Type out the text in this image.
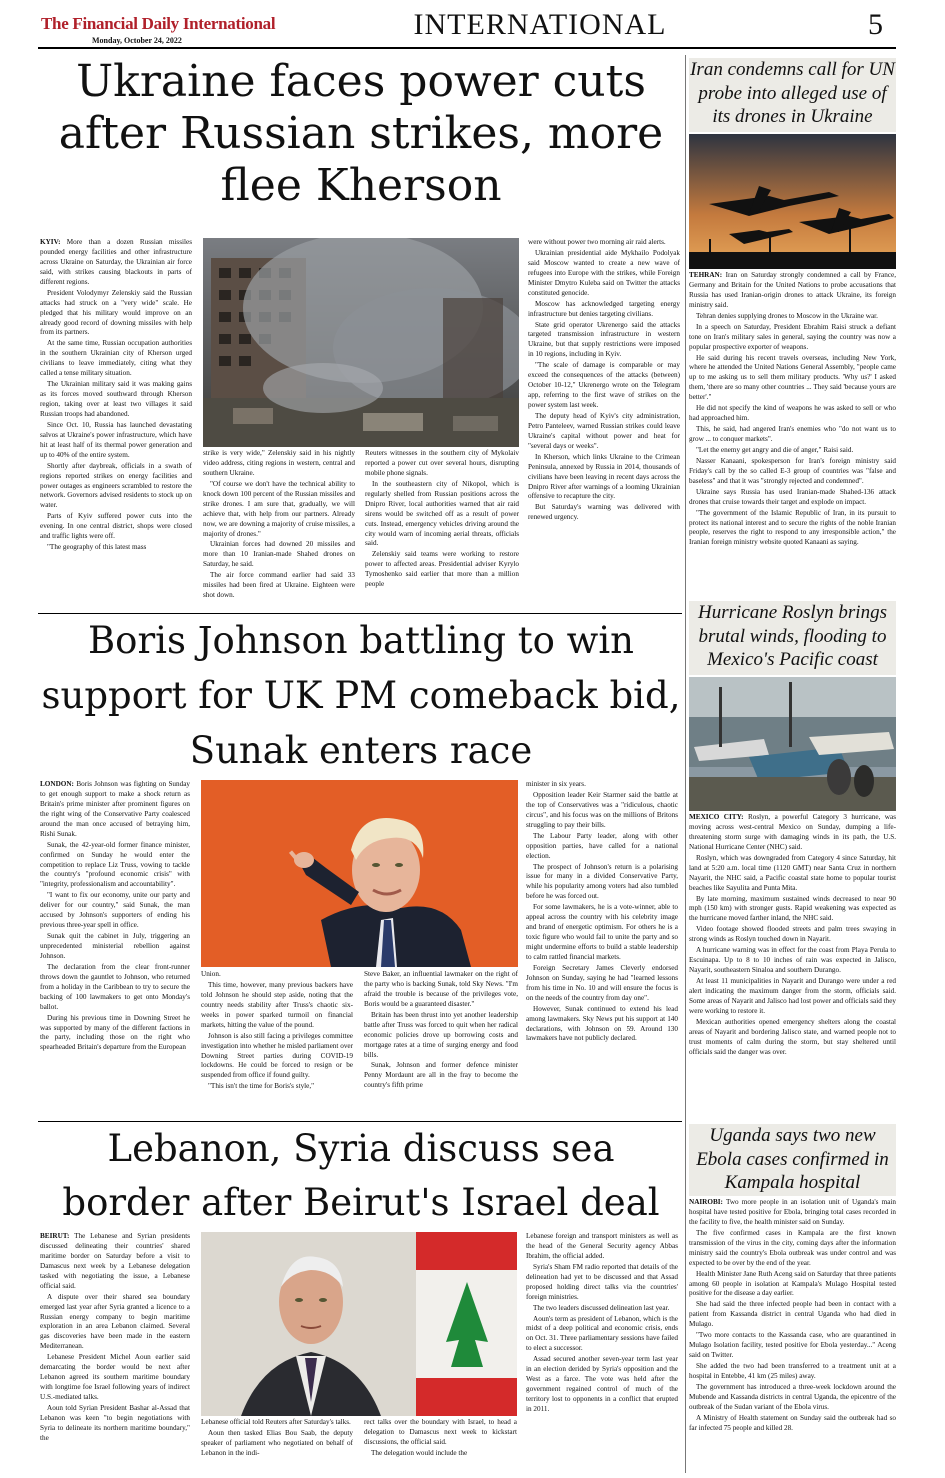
The Financial Daily International
Monday, October 24, 2022	INTERNATIONAL	5
Ukraine faces power cuts after Russian strikes, more flee Kherson

KYIV: More than a dozen Russian missiles pounded energy facilities and other infrastructure across Ukraine on Saturday, the Ukrainian air force said, with strikes causing blackouts in parts of different regions.

President Volodymyr Zelenskiy said the Russian attacks had struck on a "very wide" scale. He pledged that his military would improve on an already good record of downing missiles with help from its partners.

At the same time, Russian occupation authorities in the southern Ukrainian city of Kherson urged civilians to leave immediately, citing what they called a tense military situation.

The Ukrainian military said it was making gains as its forces moved southward through Kherson region, taking over at least two villages it said Russian troops had abandoned.

Since Oct. 10, Russia has launched devastating salvos at Ukraine's power infrastructure, which have hit at least half of its thermal power generation and up to 40% of the entire system.

Shortly after daybreak, officials in a swath of regions reported strikes on energy facilities and power outages as engineers scrambled to restore the network. Governors advised residents to stock up on water.

Parts of Kyiv suffered power cuts into the evening. In one central district, shops were closed and traffic lights were off.

"The geography of this latest mass

strike is very wide," Zelenskiy said in his nightly video address, citing regions in western, central and southern Ukraine.

"Of course we don't have the technical ability to knock down 100 percent of the Russian missiles and strike drones. I am sure that, gradually, we will achieve that, with help from our partners. Already now, we are downing a majority of cruise missiles, a majority of drones."

Ukrainian forces had downed 20 missiles and more than 10 Iranian-made Shahed drones on Saturday, he said.

The air force command earlier had said 33 missiles had been fired at Ukraine. Eighteen were shot down.

Reuters witnesses in the southern city of Mykolaiv reported a power cut over several hours, disrupting mobile phone signals.

In the southeastern city of Nikopol, which is regularly shelled from Russian positions across the Dnipro River, local authorities warned that air raid sirens would be switched off as a result of power cuts. Instead, emergency vehicles driving around the city would warn of incoming aerial threats, officials said.

Zelenskiy said teams were working to restore power to affected areas. Presidential adviser Kyrylo Tymoshenko said earlier that more than a million people

were without power two morning air raid alerts.

Ukrainian presidential aide Mykhailo Podolyak said Moscow wanted to create a new wave of refugees into Europe with the strikes, while Foreign Minister Dmytro Kuleba said on Twitter the attacks constituted genocide.

Moscow has acknowledged targeting energy infrastructure but denies targeting civilians.

State grid operator Ukrenergo said the attacks targeted transmission infrastructure in western Ukraine, but that supply restrictions were imposed in 10 regions, including in Kyiv.

"The scale of damage is comparable or may exceed the consequences of the attacks (between) October 10-12," Ukrenergo wrote on the Telegram app, referring to the first wave of strikes on the power system last week.

The deputy head of Kyiv's city administration, Petro Panteleev, warned Russian strikes could leave Ukraine's capital without power and heat for "several days or weeks".

In Kherson, which links Ukraine to the Crimean Peninsula, annexed by Russia in 2014, thousands of civilians have been leaving in recent days across the Dnipro River after warnings of a looming Ukrainian offensive to recapture the city.

But Saturday's warning was delivered with renewed urgency.

Boris Johnson battling to win support for UK PM comeback bid, Sunak enters race

LONDON: Boris Johnson was fighting on Sunday to get enough support to make a shock return as Britain's prime minister after prominent figures on the right wing of the Conservative Party coalesced around the man once accused of betraying him, Rishi Sunak.

Sunak, the 42-year-old former finance minister, confirmed on Sunday he would enter the competition to replace Liz Truss, vowing to tackle the country's "profound economic crisis" with "integrity, professionalism and accountability".

"I want to fix our economy, unite our party and deliver for our country," said Sunak, the man accused by Johnson's supporters of ending his previous three-year spell in office.

Sunak quit the cabinet in July, triggering an unprecedented ministerial rebellion against Johnson.

The declaration from the clear front-runner throws down the gauntlet to Johnson, who returned from a holiday in the Caribbean to try to secure the backing of 100 lawmakers to get onto Monday's ballot.

During his previous time in Downing Street he was supported by many of the different factions in the party, including those on the right who spearheaded Britain's departure from the European

Union.

This time, however, many previous backers have told Johnson he should step aside, noting that the country needs stability after Truss's chaotic six-weeks in power sparked turmoil on financial markets, hitting the value of the pound.

Johnson is also still facing a privileges committee investigation into whether he misled parliament over Downing Street parties during COVID-19 lockdowns. He could be forced to resign or be suspended from office if found guilty.

"This isn't the time for Boris's style,"

Steve Baker, an influential lawmaker on the right of the party who is backing Sunak, told Sky News. "I'm afraid the trouble is because of the privileges vote, Boris would be a guaranteed disaster."

Britain has been thrust into yet another leadership battle after Truss was forced to quit when her radical economic policies drove up borrowing costs and mortgage rates at a time of surging energy and food bills.

Sunak, Johnson and former defence minister Penny Mordaunt are all in the fray to become the country's fifth prime

minister in six years.

Opposition leader Keir Starmer said the battle at the top of Conservatives was a "ridiculous, chaotic circus", and his focus was on the millions of Britons struggling to pay their bills.

The Labour Party leader, along with other opposition parties, have called for a national election.

The prospect of Johnson's return is a polarising issue for many in a divided Conservative Party, while his popularity among voters had also tumbled before he was forced out.

For some lawmakers, he is a vote-winner, able to appeal across the country with his celebrity image and brand of energetic optimism. For others he is a toxic figure who would fail to unite the party and so might undermine efforts to build a stable leadership to calm rattled financial markets.

Foreign Secretary James Cleverly endorsed Johnson on Sunday, saying he had "learned lessons from his time in No. 10 and will ensure the focus is on the needs of the country from day one".

However, Sunak continued to extend his lead among lawmakers. Sky News put his support at 140 declarations, with Johnson on 59. Around 130 lawmakers have not publicly declared.

Lebanon, Syria discuss sea border after Beirut's Israel deal

BEIRUT: The Lebanese and Syrian presidents discussed delineating their countries' shared maritime border on Saturday before a visit to Damascus next week by a Lebanese delegation tasked with negotiating the issue, a Lebanese official said.

A dispute over their shared sea boundary emerged last year after Syria granted a licence to a Russian energy company to begin maritime exploration in an area Lebanon claimed. Several gas discoveries have been made in the eastern Mediterranean.

Lebanese President Michel Aoun earlier said demarcating the border would be next after Lebanon agreed its southern maritime boundary with longtime foe Israel following years of indirect U.S.-mediated talks.

Aoun told Syrian President Bashar al-Assad that Lebanon was keen "to begin negotiations with Syria to delineate its northern maritime boundary," the

Lebanese official told Reuters after Saturday's talks.

Aoun then tasked Elias Bou Saab, the deputy speaker of parliament who negotiated on behalf of Lebanon in the indi-

rect talks over the boundary with Israel, to head a delegation to Damascus next week to kickstart discussions, the official said.

The delegation would include the

Lebanese foreign and transport ministers as well as the head of the General Security agency Abbas Ibrahim, the official added.

Syria's Sham FM radio reported that details of the delineation had yet to be discussed and that Assad proposed holding direct talks via the countries' foreign ministries.

The two leaders discussed delineation last year.

Aoun's term as president of Lebanon, which is the midst of a deep political and economic crisis, ends on Oct. 31. Three parliamentary sessions have failed to elect a successor.

Assad secured another seven-year term last year in an election derided by Syria's opposition and the West as a farce. The vote was held after the government regained control of much of the territory lost to opponents in a conflict that erupted in 2011.

Iran condemns call for UN probe into alleged use of its drones in Ukraine

TEHRAN: Iran on Saturday strongly condemned a call by France, Germany and Britain for the United Nations to probe accusations that Russia has used Iranian-origin drones to attack Ukraine, its foreign ministry said.

Tehran denies supplying drones to Moscow in the Ukraine war.

In a speech on Saturday, President Ebrahim Raisi struck a defiant tone on Iran's military sales in general, saying the country was now a popular prospective exporter of weapons.

He said during his recent travels overseas, including New York, where he attended the United Nations General Assembly, "people came up to me asking us to sell them military products. 'Why us?' I asked them, 'there are so many other countries ... They said 'because yours are better'."

He did not specify the kind of weapons he was asked to sell or who had approached him.

This, he said, had angered Iran's enemies who "do not want us to grow ... to conquer markets".

"Let the enemy get angry and die of anger," Raisi said.

Nasser Kanaani, spokesperson for Iran's foreign ministry said Friday's call by the so called E-3 group of countries was "false and baseless" and that it was "strongly rejected and condemned".

Ukraine says Russia has used Iranian-made Shahed-136 attack drones that cruise towards their target and explode on impact.

"The government of the Islamic Republic of Iran, in its pursuit to protect its national interest and to secure the rights of the noble Iranian people, reserves the right to respond to any irresponsible action," the Iranian foreign ministry website quoted Kanaani as saying.

Hurricane Roslyn brings brutal winds, flooding to Mexico's Pacific coast

MEXICO CITY: Roslyn, a powerful Category 3 hurricane, was moving across west-central Mexico on Sunday, dumping a life-threatening storm surge with damaging winds in its path, the U.S. National Hurricane Center (NHC) said.

Roslyn, which was downgraded from Category 4 since Saturday, hit land at 5:20 a.m. local time (1120 GMT) near Santa Cruz in northern Nayarit, the NHC said, a Pacific coastal state home to popular tourist beaches like Sayulita and Punta Mita.

By late morning, maximum sustained winds decreased to near 90 mph (150 km) with stronger gusts. Rapid weakening was expected as the hurricane moved farther inland, the NHC said.

Video footage showed flooded streets and palm trees swaying in strong winds as Roslyn touched down in Nayarit.

A hurricane warning was in effect for the coast from Playa Perula to Escuinapa. Up to 8 to 10 inches of rain was expected in Jalisco, Nayarit, southeastern Sinaloa and southern Durango.

At least 11 municipalities in Nayarit and Durango were under a red alert indicating the maximum danger from the storm, officials said. Some areas of Nayarit and Jalisco had lost power and officials said they were working to restore it.

Mexican authorities opened emergency shelters along the coastal areas of Nayarit and bordering Jalisco state, and warned people not to trust moments of calm during the storm, but stay sheltered until officials said the danger was over.

Uganda says two new Ebola cases confirmed in Kampala hospital

NAIROBI: Two more people in an isolation unit of Uganda's main hospital have tested positive for Ebola, bringing total cases recorded in the facility to five, the health minister said on Sunday.

The five confirmed cases in Kampala are the first known transmission of the virus in the city, coming days after the information ministry said the country's Ebola outbreak was under control and was expected to be over by the end of the year.

Health Minister Jane Ruth Aceng said on Saturday that three patients among 60 people in isolation at Kampala's Mulago Hospital tested positive for the disease a day earlier.

She had said the three infected people had been in contact with a patient from Kassanda district in central Uganda who had died in Mulago.

"Two more contacts to the Kassanda case, who are quarantined in Mulago Isolation facility, tested positive for Ebola yesterday..." Aceng said on Twitter.

She added the two had been transferred to a treatment unit at a hospital in Entebbe, 41 km (25 miles) away.

The government has introduced a three-week lockdown around the Mubende and Kassanda districts in central Uganda, the epicentre of the outbreak of the Sudan variant of the Ebola virus.

A Ministry of Health statement on Sunday said the outbreak had so far infected 75 people and killed 28.
